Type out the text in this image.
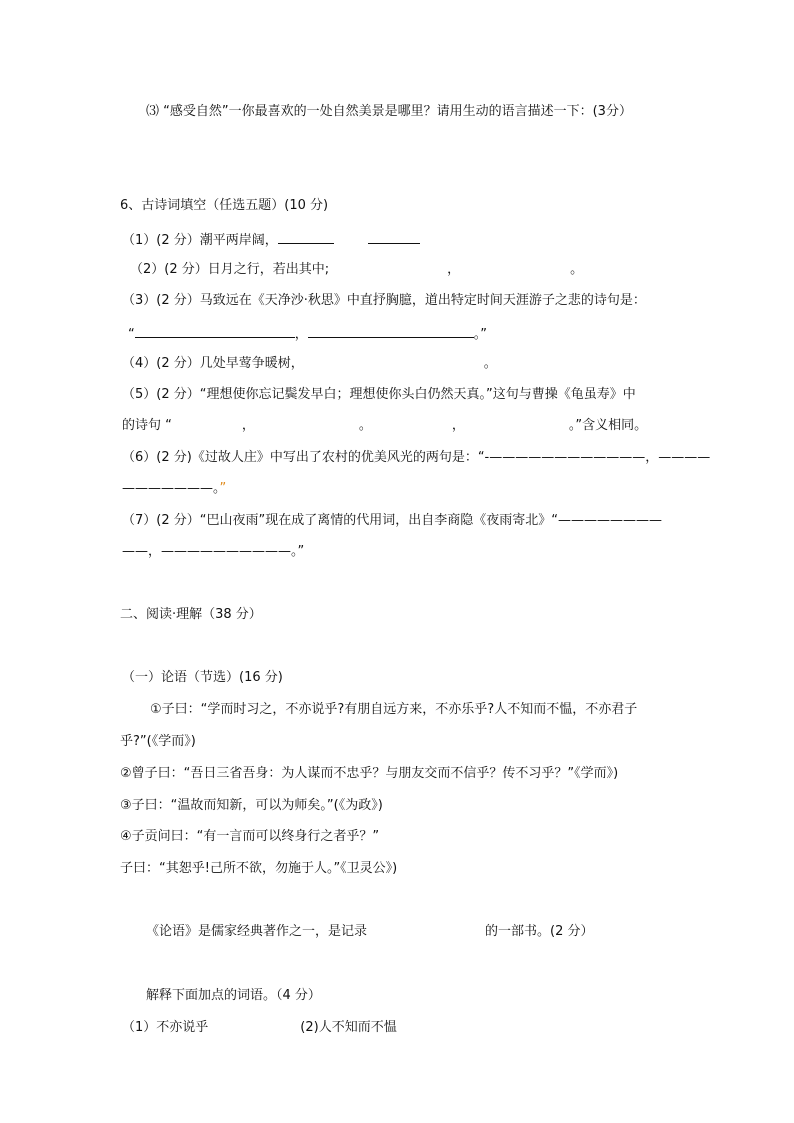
⑶ “感受自然”一你最喜欢的一处自然美景是哪里？请用生动的语言描述一下：(3分）
6、古诗词填空（任选五题）(10 分)
（1）(2 分）潮平两岸阔，
（2）(2 分）日月之行，若出其中;	，	。
（3）(2 分）马致远在《天净沙·秋思》中直抒胸臆，道出特定时间天涯游子之悲的诗句是：
“	，	。”
（4）(2 分）几处早莺争暖树，	。
（5）(2 分）“理想使你忘记鬓发早白；理想使你头白仍然天真。”这句与曹操《龟虽寿》中
的诗句 “	，	。	，	。”含义相同。
（6）(2 分)《过故人庄》中写出了农村的优美风光的两句是：“-————————————，————
———————。”
（7）(2 分）“巴山夜雨”现在成了离情的代用词，出自李商隐《夜雨寄北》“————————
——，——————————。”
二、阅读·理解（38 分）
（一）论语（节选）(16 分)
①子曰：“学而时习之，不亦说乎?有朋自远方来，不亦乐乎?人不知而不愠，不亦君子
乎?”(《学而》)
②曾子曰：“吾日三省吾身：为人谋而不忠乎？与朋友交而不信乎？传不习乎？”《学而》)
③子曰：“温故而知新，可以为师矣。”(《为政》)
④子贡问曰：“有一言而可以终身行之者乎？”
子曰：“其恕乎!己所不欲，勿施于人。”《卫灵公》)
《论语》是儒家经典著作之一，是记录	的一部书。(2 分）
解释下面加点的词语。（4 分）
（1）不亦说乎	(2)人不知而不愠
